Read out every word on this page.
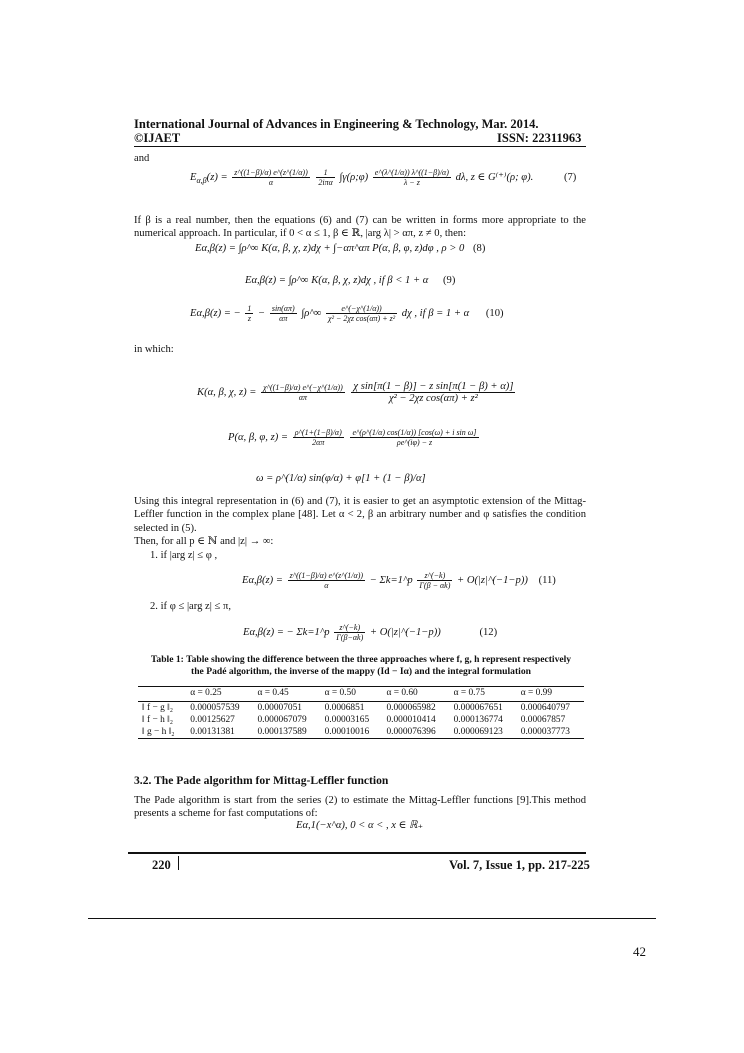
International Journal of Advances in Engineering & Technology, Mar. 2014.
©IJAET	ISSN: 22311963
and
$E_{\alpha,\beta}(z) = \frac{z\^{}((1-\beta)/\alpha) e\^{}(z\^{}(1/\alpha))}{\alpha}$
$\frac{1}{\text{2iπα}}$ ∫γ(ρ;φ) $\frac{e\^{}(\lambda\^{}(1/\alpha)) \lambda\^{}((1-\beta)/\alpha)}{\lambda - z} d\lambda$, z ∈ G⁽⁺⁾(ρ; φ).	(7)
If β is a real number, then the equations (6) and (7) can be written in forms more appropriate to the numerical approach. In particular, if 0 < α ≤ 1, β ∈ ℝ, |arg λ| > απ, z ≠ 0, then:
Eα,β(z) = ∫ρ^∞ K(α, β, χ, z)dχ + ∫−απ^απ P(α, β, φ, z)dφ , ρ > 0 (8)
Eα,β(z) = ∫ρ^∞ K(α, β, χ, z)dχ , if β < 1 + α (9)
Eα,β(z) = − $\frac{1}{z} - \frac{\sin(\alpha\pi)}{\alpha\pi}$ ∫ρ^∞ $\frac{e\^{}(-\chi\^{}(1/\alpha))}{\text{χ² − 2χz cos(απ) + z²}}$ dχ , if β = 1 + α (10)
in which:
K(α, β, χ, $z) = \frac{\chi\^{}((1-\beta)/\alpha) e\^{}(-\chi\^{}(1/\alpha))}{\alpha\pi}$
$\frac{\text{χ sin[π(1 − β)] − z sin[π(1 − β) + α)]}}{\text{χ² − 2χz cos(απ) + z²}}$
P(α, β, φ, $z) = \frac{\rho\^{}(1+(1-\beta)/\alpha)}{2\alpha\pi}$
$\frac{\text{e\textasciicircum{}(ρ\textasciicircum{}(1/α) cos(1/α)) [cos(ω) + i sin ω]}}{\rho e\^{}(i\varphi) - z}$
ω = ρ^(1/α) sin(φ/α) + φ[1 + (1 − β)/α]
Using this integral representation in (6) and (7), it is easier to get an asymptotic extension of the Mittag-Leffler function in the complex plane [48]. Let α < 2, β an arbitrary number and φ satisfies the condition selected in (5).
Then, for all p ∈ ℕ and |z| → ∞:
1. if |arg z| ≤ φ ,
$E\alpha,\beta(z) = \frac{z\^{}((1-\beta)/\alpha) e\^{}(z\^{}(1/\alpha))}{\alpha}$ − Σk=1^p $\frac{z\^{}(-k)}{\Gamma(\beta - \alpha k)}$ + O(|z|^(−1−p)) (11)
2. if φ ≤ |arg z| ≤ π,
Eα,β(z) = − Σk=1^p $\frac{z\^{}(-k)}{\Gamma(\beta-\alpha k)}$ + O(|z|^(−1−p))	(12)
Table 1: Table showing the difference between the three approaches where f, g, h represent respectively the Padé algorithm, the inverse of the mappy (Id − Iα) and the integral formulation
	α = 0.25	α = 0.45	α = 0.50	α = 0.60	α = 0.75	α = 0.99
‖ f − g ‖₂	0.000057539	0.00007051	0.0006851	0.000065982	0.000067651	0.000640797
‖ f − h ‖₂	0.00125627	0.000067079	0.00003165	0.000010414	0.000136774	0.00067857
‖ g − h ‖₂	0.00131381	0.000137589	0.00010016	0.000076396	0.000069123	0.000037773
3.2. The Pade algorithm for Mittag-Leffler function
The Pade algorithm is start from the series (2) to estimate the Mittag-Leffler functions [9].This method presents a scheme for fast computations of:
Eα,1(−x^α), 0 < α < , x ∈ ℝ₊
220	Vol. 7, Issue 1, pp. 217-225
42
